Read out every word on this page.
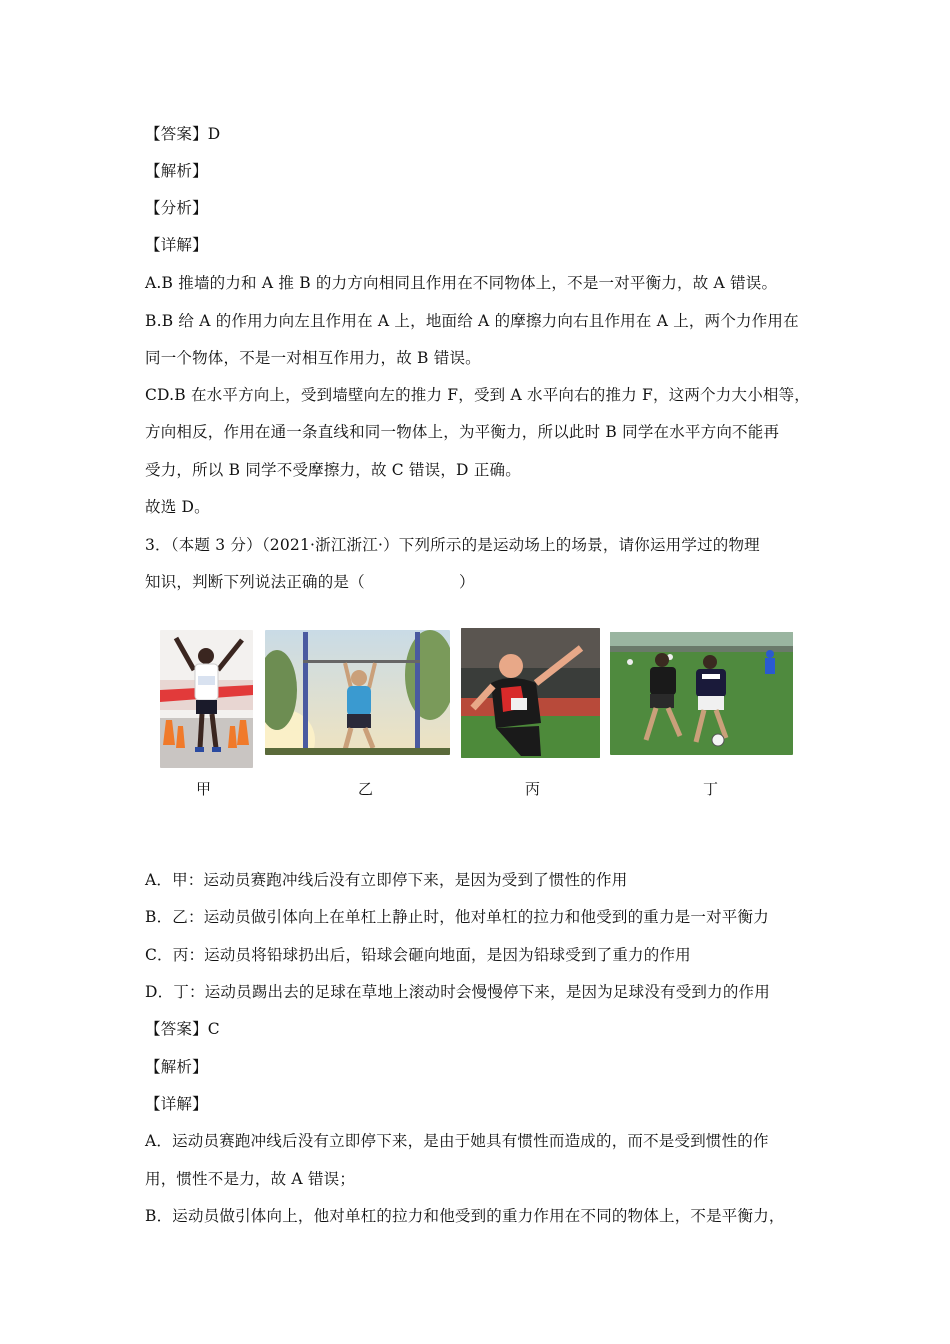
【答案】D
【解析】
【分析】
【详解】
A.B 推墙的力和 A 推 B 的力方向相同且作用在不同物体上，不是一对平衡力，故 A 错误。
B.B 给 A 的作用力向左且作用在 A 上，地面给 A 的摩擦力向右且作用在 A 上，两个力作用在
同一个物体，不是一对相互作用力，故 B 错误。
CD.B 在水平方向上，受到墙壁向左的推力 F，受到 A 水平向右的推力 F，这两个力大小相等，
方向相反，作用在通一条直线和同一物体上，为平衡力，所以此时 B 同学在水平方向不能再
受力，所以 B 同学不受摩擦力，故 C 错误，D 正确。
故选 D。
3．（本题 3 分）（2021·浙江浙江·）下列所示的是运动场上的场景，请你运用学过的物理
知识，判断下列说法正确的是（　　　　　　）
甲	乙	丙	丁
A．甲：运动员赛跑冲线后没有立即停下来，是因为受到了惯性的作用
B．乙：运动员做引体向上在单杠上静止时，他对单杠的拉力和他受到的重力是一对平衡力
C．丙：运动员将铅球扔出后，铅球会砸向地面，是因为铅球受到了重力的作用
D．丁：运动员踢出去的足球在草地上滚动时会慢慢停下来，是因为足球没有受到力的作用
【答案】C
【解析】
【详解】
A．运动员赛跑冲线后没有立即停下来，是由于她具有惯性而造成的，而不是受到惯性的作
用，惯性不是力，故 A 错误；
B．运动员做引体向上，他对单杠的拉力和他受到的重力作用在不同的物体上，不是平衡力，
